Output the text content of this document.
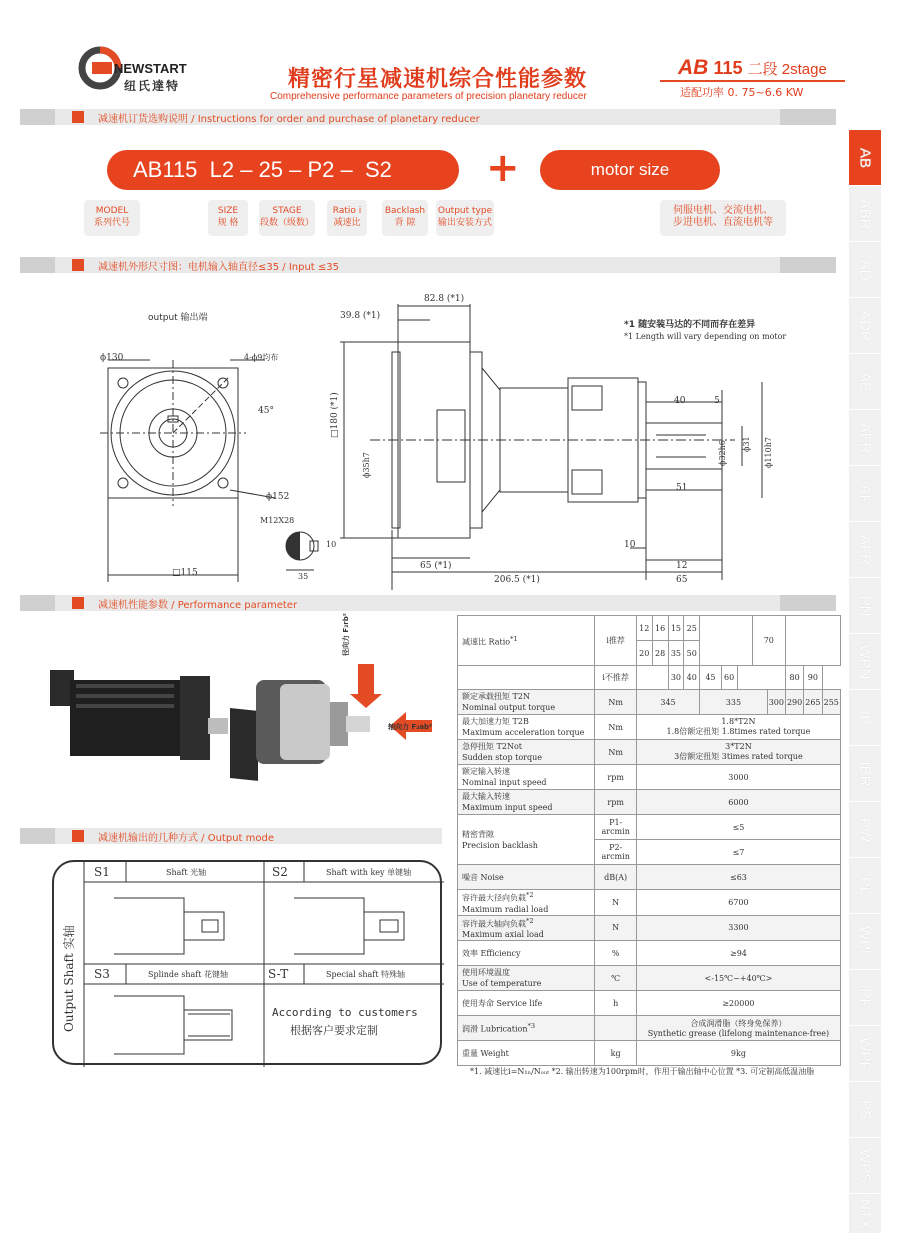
NEWSTART
纽氏達特	精密行星减速机综合性能参数
Comprehensive performance parameters of precision planetary reducer
AB 115 二段 2stage
适配功率 0. 75~6.6 KW
减速机订货选购说明 / Instructions for order and purchase of planetary reducer
AB115  L2 – 25 – P2 –  S2	+	motor size
MODEL
系列代号
SIZE
规 格
STAGE
段数（级数）
Ratio i
减速比
Backlash
背 隙
Output type
输出安装方式
伺服电机、交流电机、
步进电机、直流电机等
减速机外形尺寸图：电机输入轴直径≤35 / Input ≤35
output 输出端
ϕ130	4-ϕ9均布
45°
ϕ152
M12X28
10
35
□115
82.8 (*1)
39.8 (*1)
□180 (*1)
ϕ35h7
40	5
ϕ32h6 ϕ31 ϕ110h7
51
10
65 (*1)	12
206.5 (*1)	65
*1 随安装马达的不同而存在差异
*1 Length will vary depending on motor
减速机性能参数 / Performance parameter
径向力 F₂rb²
轴向力 F₂ab²
减速比 Ratio$^{*1}$	i推荐	12	16	15	25				70				
		20	28	35	50								
	i不推荐			30	40	45	60				80	90	
额定承载扭矩 T2N
Nominal output torque	Nm	345				335				300	290	265	255
最大加速力矩 T2B
Maximum acceleration torque	Nm	1.8*T2N
1.8倍额定扭矩 1.8times rated torque											
急停扭矩 T2Not
Sudden stop torque	Nm	3*T2N
3倍额定扭矩 3times rated torque											
额定输入转速
Nominal input speed	rpm	3000											
最大输入转速
Maximum input speed	rpm	6000											
精密背隙
Precision backlash	P1-arcmin	≤5											
	P2-arcmin	≤7											
噪音 Noise	dB(A)	≤63											
容许最大径向负载$^{*2}$
Maximum radial load	N	6700											
容许最大轴向负载$^{*2}$
Maximum axial load	N	3300											
效率 Efficiency	%	≥94											
使用环境温度
Use of temperature	℃	<-15℃~+40℃>											
使用寿命 Service life	h	≥20000											
润滑 Lubrication$^{*3}$		合成润滑脂（终身免保养）
Synthetic grease (lifelong maintenance-free)											
重量 Weight	kg	9kg											
*1. 减速比i=N₁ₙ/Nₒᵤₜ *2. 输出转速为100rpm时，作用于输出轴中心位置 *3. 可定制高低温油脂
减速机输出的几种方式 / Output mode
Output Shaft 实轴
S1	Shaft 光轴	S2	Shaft with key 单键轴
S3	Splinde shaft 花键轴	S-T	Special shaft 特殊轴
According to customers
根据客户要求定制
AB
ABR
AD
ADR
AE
AER
AF
AFR
PN
WPN
IB
IBR
PW
PL
WPL
PF
WPF
PS
WPS
NTX
